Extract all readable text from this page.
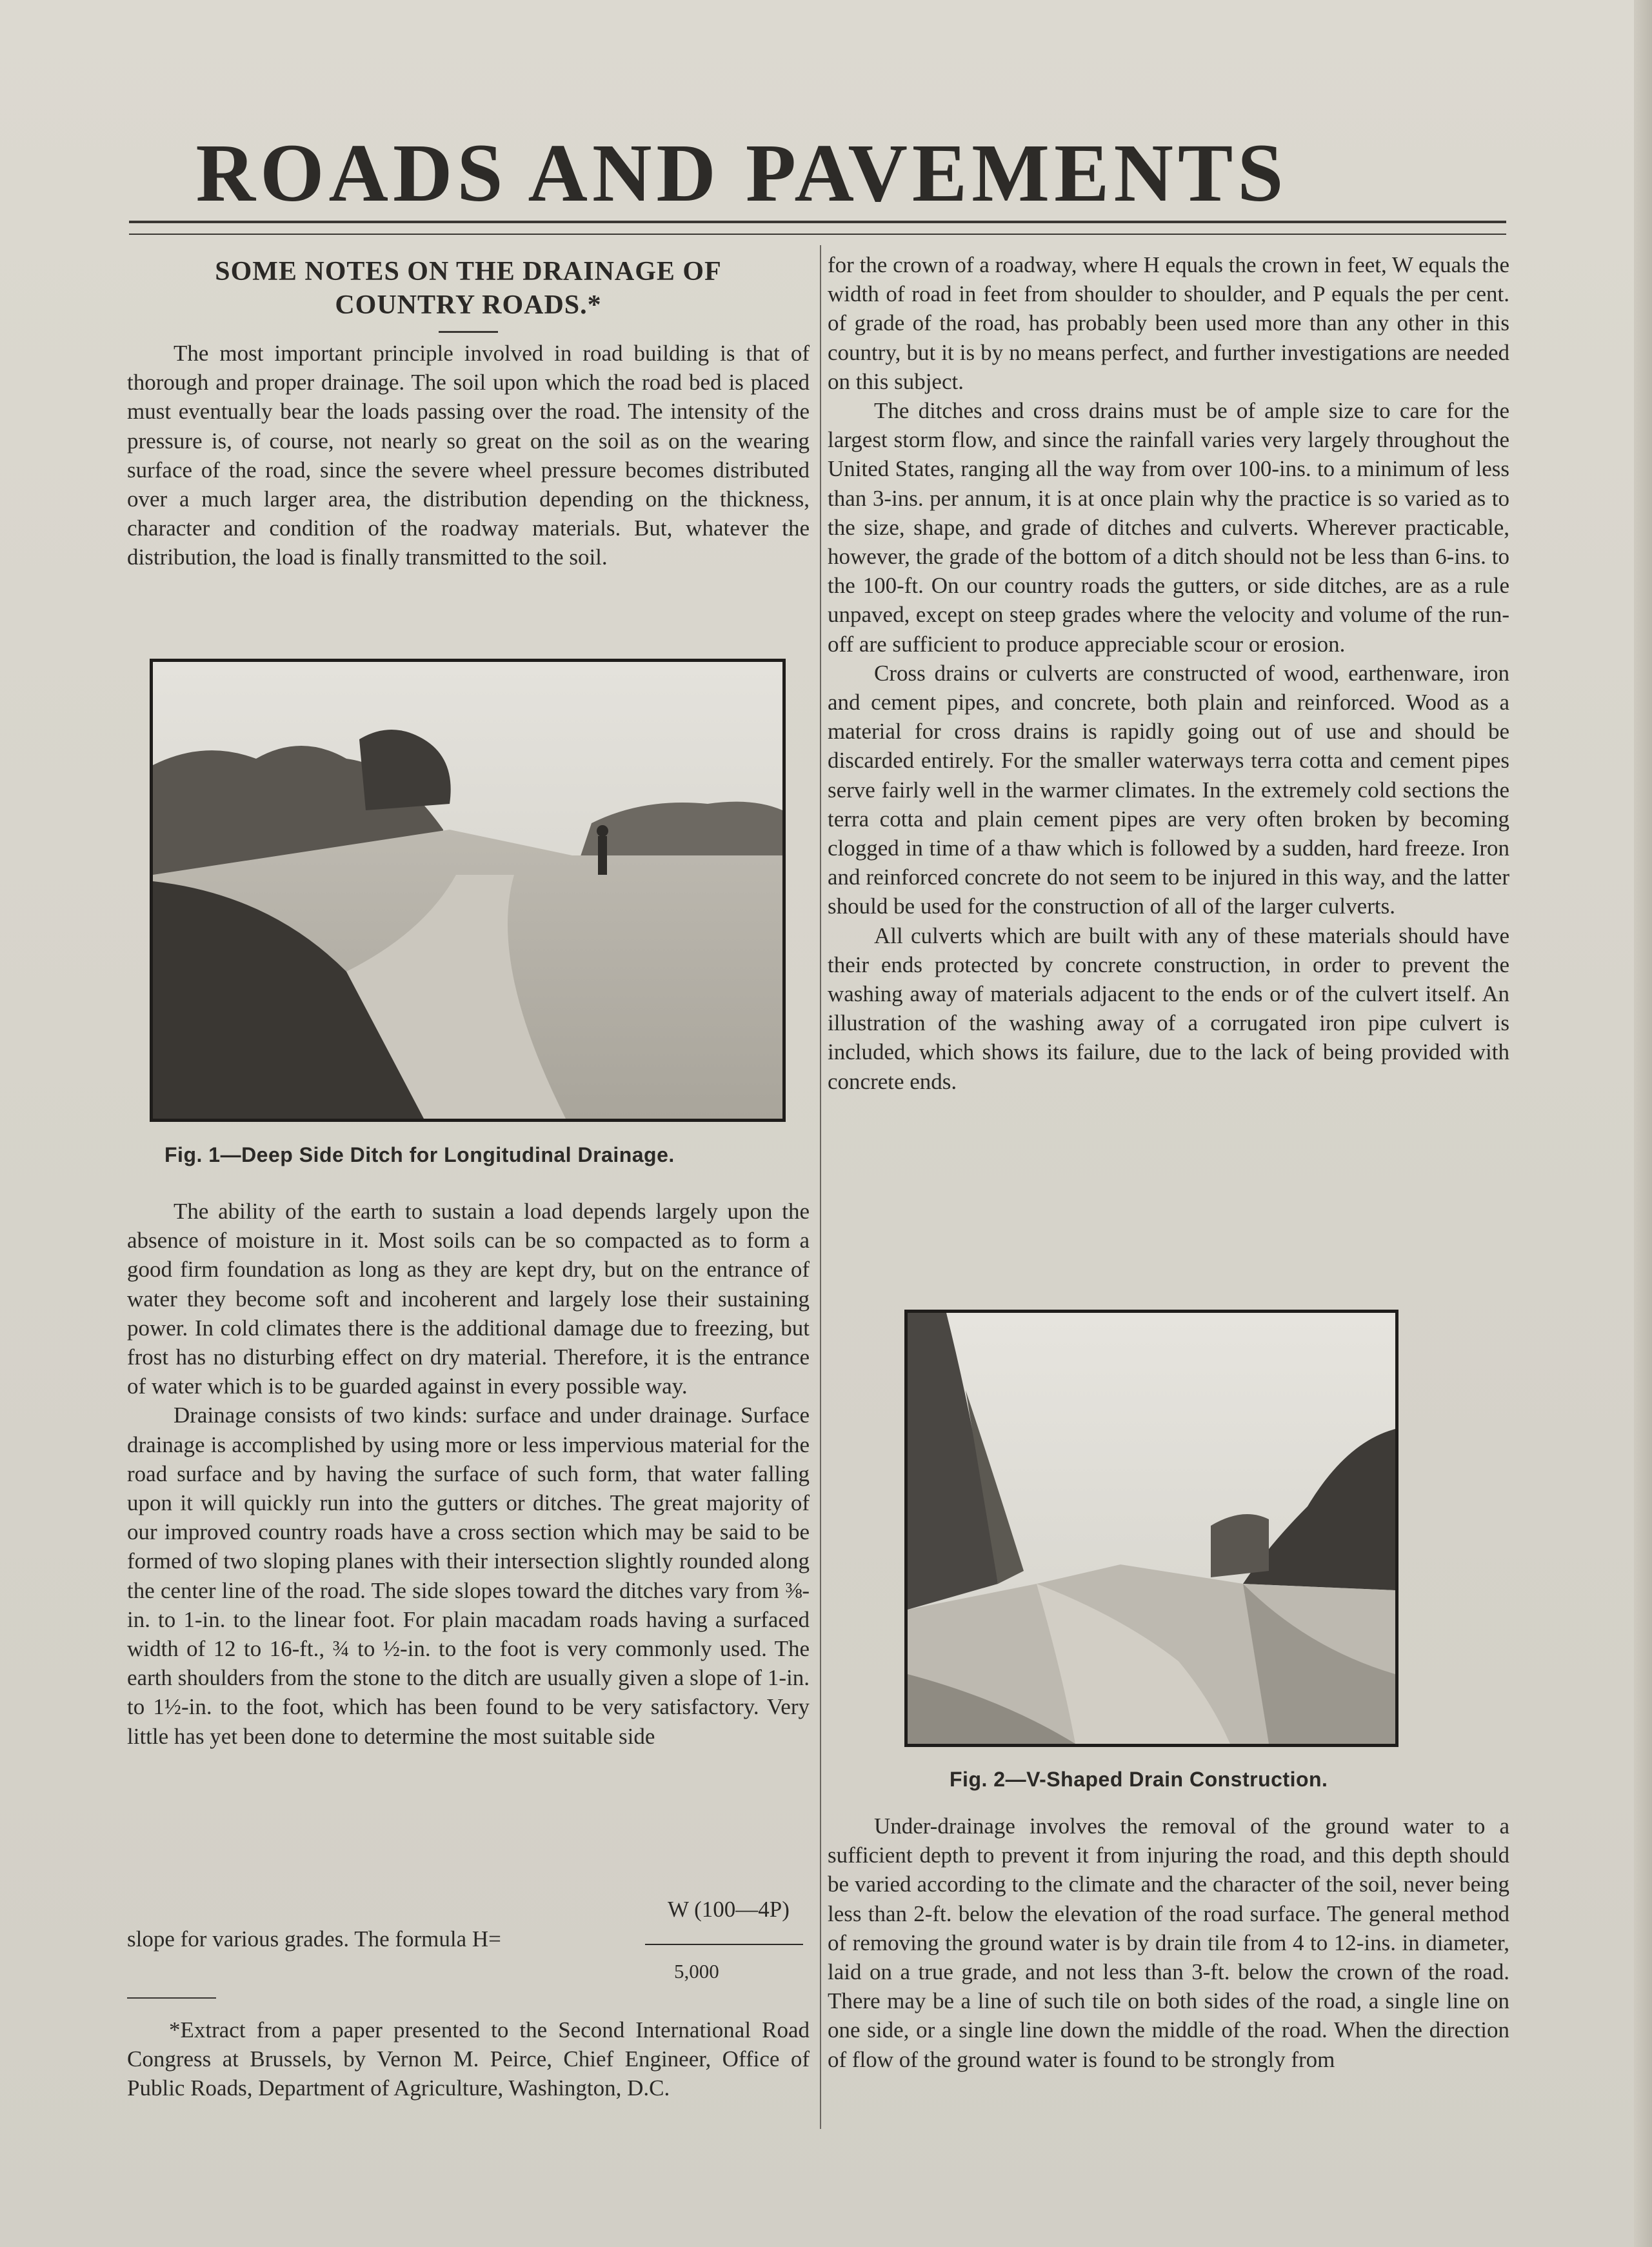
ROADS AND PAVEMENTS
SOME NOTES ON THE DRAINAGE OF
COUNTRY ROADS.*

The most important principle involved in road building is that of thorough and proper drainage. The soil upon which the road bed is placed must eventually bear the loads passing over the road. The intensity of the pressure is, of course, not nearly so great on the soil as on the wearing surface of the road, since the severe wheel pressure becomes distributed over a much larger area, the distribution depending on the thickness, character and condition of the roadway materials. But, whatever the distribution, the load is finally transmitted to the soil.

Fig. 1—Deep Side Ditch for Longitudinal Drainage.

The ability of the earth to sustain a load depends largely upon the absence of moisture in it. Most soils can be so compacted as to form a good firm foundation as long as they are kept dry, but on the entrance of water they become soft and incoherent and largely lose their sustaining power. In cold climates there is the additional damage due to freezing, but frost has no disturbing effect on dry material. Therefore, it is the entrance of water which is to be guarded against in every possible way.

Drainage consists of two kinds: surface and under drainage. Surface drainage is accomplished by using more or less impervious material for the road surface and by having the surface of such form, that water falling upon it will quickly run into the gutters or ditches. The great majority of our improved country roads have a cross section which may be said to be formed of two sloping planes with their intersection slightly rounded along the center line of the road. The side slopes toward the ditches vary from ⅜-in. to 1-in. to the linear foot. For plain macadam roads having a surfaced width of 12 to 16-ft., ¾ to ½-in. to the foot is very commonly used. The earth shoulders from the stone to the ditch are usually given a slope of 1-in. to 1½-in. to the foot, which has been found to be very satisfactory. Very little has yet been done to determine the most suitable side

W (100—4P)
slope for various grades. The formula H=
5,000

*Extract from a paper presented to the Second International Road Congress at Brussels, by Vernon M. Peirce, Chief Engineer, Office of Public Roads, Department of Agriculture, Washington, D.C.

for the crown of a roadway, where H equals the crown in feet, W equals the width of road in feet from shoulder to shoulder, and P equals the per cent. of grade of the road, has probably been used more than any other in this country, but it is by no means perfect, and further investigations are needed on this subject.

The ditches and cross drains must be of ample size to care for the largest storm flow, and since the rainfall varies very largely throughout the United States, ranging all the way from over 100-ins. to a minimum of less than 3-ins. per annum, it is at once plain why the practice is so varied as to the size, shape, and grade of ditches and culverts. Wherever practicable, however, the grade of the bottom of a ditch should not be less than 6-ins. to the 100-ft. On our country roads the gutters, or side ditches, are as a rule unpaved, except on steep grades where the velocity and volume of the run-off are sufficient to produce appreciable scour or erosion.

Cross drains or culverts are constructed of wood, earthenware, iron and cement pipes, and concrete, both plain and reinforced. Wood as a material for cross drains is rapidly going out of use and should be discarded entirely. For the smaller waterways terra cotta and cement pipes serve fairly well in the warmer climates. In the extremely cold sections the terra cotta and plain cement pipes are very often broken by becoming clogged in time of a thaw which is followed by a sudden, hard freeze. Iron and reinforced concrete do not seem to be injured in this way, and the latter should be used for the construction of all of the larger culverts.

All culverts which are built with any of these materials should have their ends protected by concrete construction, in order to prevent the washing away of materials adjacent to the ends or of the culvert itself. An illustration of the washing away of a corrugated iron pipe culvert is included, which shows its failure, due to the lack of being provided with concrete ends.

Fig. 2—V-Shaped Drain Construction.

Under-drainage involves the removal of the ground water to a sufficient depth to prevent it from injuring the road, and this depth should be varied according to the climate and the character of the soil, never being less than 2-ft. below the elevation of the road surface. The general method of removing the ground water is by drain tile from 4 to 12-ins. in diameter, laid on a true grade, and not less than 3-ft. below the crown of the road. There may be a line of such tile on both sides of the road, a single line on one side, or a single line down the middle of the road. When the direction of flow of the ground water is found to be strongly from
